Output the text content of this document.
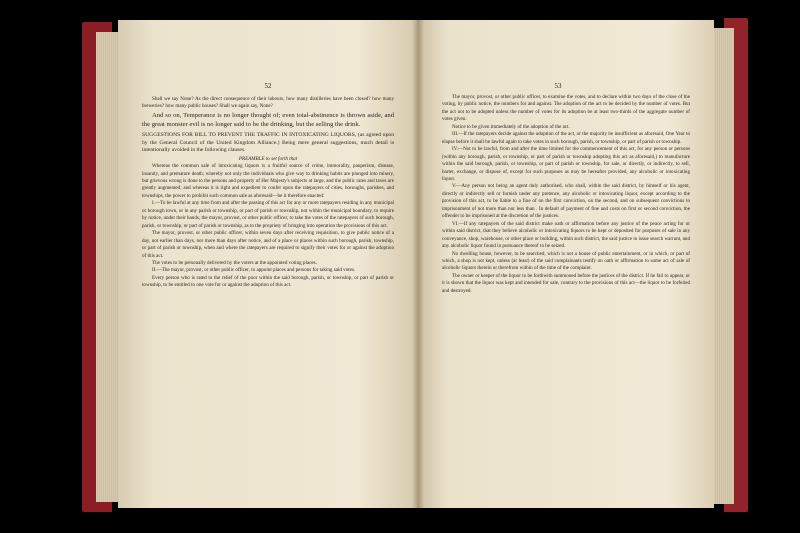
52

Shall we say None? As the direct consequence of their labours, how many distilleries have been closed? how many breweries? how many public houses? Shall we again say, None?

And so on, Temperance is no longer thought of; even total-abstinence is thrown aside, and the great monster evil is no longer said to be the drinking, but the selling the drink.

SUGGESTIONS FOR BILL TO PREVENT THE TRAFFIC IN INTOXICATING LIQUORS, (as agreed upon by the General Council of the United Kingdom Alliance.) Being mere general suggestions, much detail is intentionally avoided in the following clauses.

PREAMBLE to set forth that

Whereas the common sale of intoxicating liquors is a fruitful source of crime, immorality, pauperism, disease, insanity, and premature death; whereby not only the individuals who give way to drinking habits are plunged into misery, but grievous wrong is done to the persons and property of Her Majesty's subjects at large, and the public rates and taxes are greatly augmented; and whereas it is right and expedient to confer upon the ratepayers of cities, boroughs, parishes, and townships, the power to prohibit such common sale as aforesaid—be it therefore enacted:

I.—To be lawful at any time from and after the passing of this act for any or more ratepayers residing in any municipal or borough town, or in any parish or township, or part of parish or township, not within the municipal boundary, to require by notice, under their hands, the mayor, provost, or other public officer, to take the votes of the ratepayers of such borough, parish, or township, or part of parish or township, as to the propriety of bringing into operation the provisions of this act.

The mayor, provost, or other public officer, within seven days after receiving requisition, to give public notice of a day, not earlier than days, nor more than days after notice, and of a place or places within such borough, parish, township, or part of parish or township, when and where the ratepayers are required to signify their votes for or against the adoption of this act.

The votes to be personally delivered by the voters at the appointed voting places.

II.—The mayor, provost, or other public officer, to appoint places and persons for taking said votes.

Every person who is rated to the relief of the poor within the said borough, parish, or township, or part of parish or township, to be entitled to one vote for or against the adoption of this act.

53

The mayor, provost, or other public officer, to examine the votes, and to declare within two days of the close of the voting, by public notice, the numbers for and against. The adoption of the act to be decided by the number of votes. But the act not to be adopted unless the number of votes for its adoption be at least two-thirds of the aggregate number of votes given.

Notice to be given immediately of the adoption of the act.

III.—If the ratepayers decide against the adoption of the act, or the majority be insufficient as aforesaid, One Year to elapse before it shall be lawful again to take votes in such borough, parish, or township, or part of parish or township.

IV.—Not to be lawful, from and after the time limited for the commencement of this act, for any person or persons (within any borough, parish, or township, or part of parish or township adopting this act as aforesaid,) to manufacture within the said borough, parish, or township, or part of parish or township, for sale, or directly, or indirectly, to sell, barter, exchange, or dispose of, except for such purposes as may be hereafter provided, any alcoholic or intoxicating liquor.

V.—Any person not being an agent duly authorised, who shall, within the said district, by himself or his agent, directly or indirectly sell or furnish under any pretence, any alcoholic or intoxicating liquor, except according to the provision of this act, to be liable to a fine of on the first conviction, on the second, and on subsequent convictions to imprisonment of not more than nor less than . In default of payment of fine and costs on first or second conviction, the offender to be imprisoned at the discretion of the justices.

VI.—If any ratepayers of the said district make oath or affirmation before any justice of the peace acting for or within said district, that they believe alcoholic or intoxicating liquors to be kept or deposited for purposes of sale in any conveyance, shop, warehouse, or other place or building, within such district, the said justice to issue search warrant, and any alcoholic liquor found in pursuance thereof to be seized.

No dwelling house, however, to be searched, which is not a house of public entertainment, or in which, or part of which, a shop is not kept, unless (at least) of the said complainants testify on oath or affirmation to some act of sale of alcoholic liquors therein or therefrom within of the time of the complaint.

The owner or keeper of the liquor to be forthwith summoned before the justices of the district. If he fail to appear, or it is shown that the liquor was kept and intended for sale, contrary to the provisions of this act—the liquor to be forfeited and destroyed.
